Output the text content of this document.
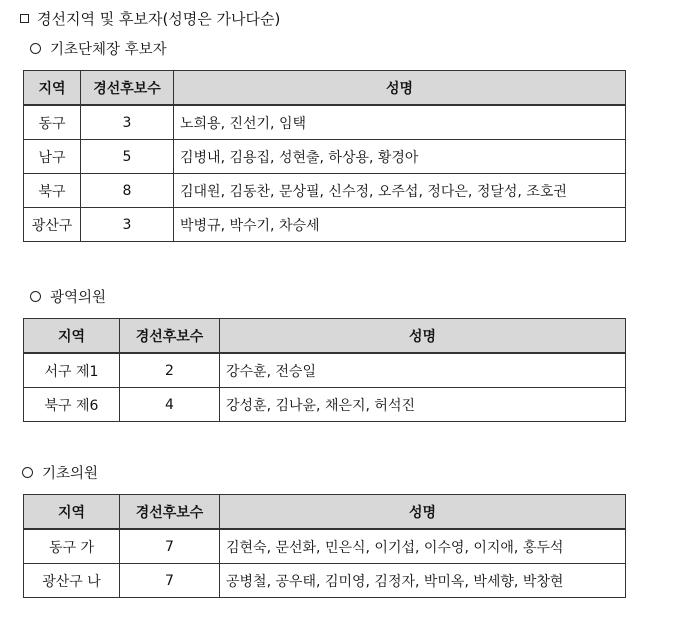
경선지역 및 후보자(성명은 가나다순)
기초단체장 후보자
지역	경선후보수	성명
동구	3	노희용, 진선기, 임택
남구	5	김병내, 김용집, 성현출, 하상용, 황경아
북구	8	김대원, 김동찬, 문상필, 신수정, 오주섭, 정다은, 정달성, 조호권
광산구	3	박병규, 박수기, 차승세
광역의원
지역	경선후보수	성명
서구 제1	2	강수훈, 전승일
북구 제6	4	강성훈, 김나윤, 채은지, 허석진
기초의원
지역	경선후보수	성명
동구 가	7	김현숙, 문선화, 민은식, 이기섭, 이수영, 이지애, 홍두석
광산구 나	7	공병철, 공우태, 김미영, 김정자, 박미옥, 박세향, 박창현
